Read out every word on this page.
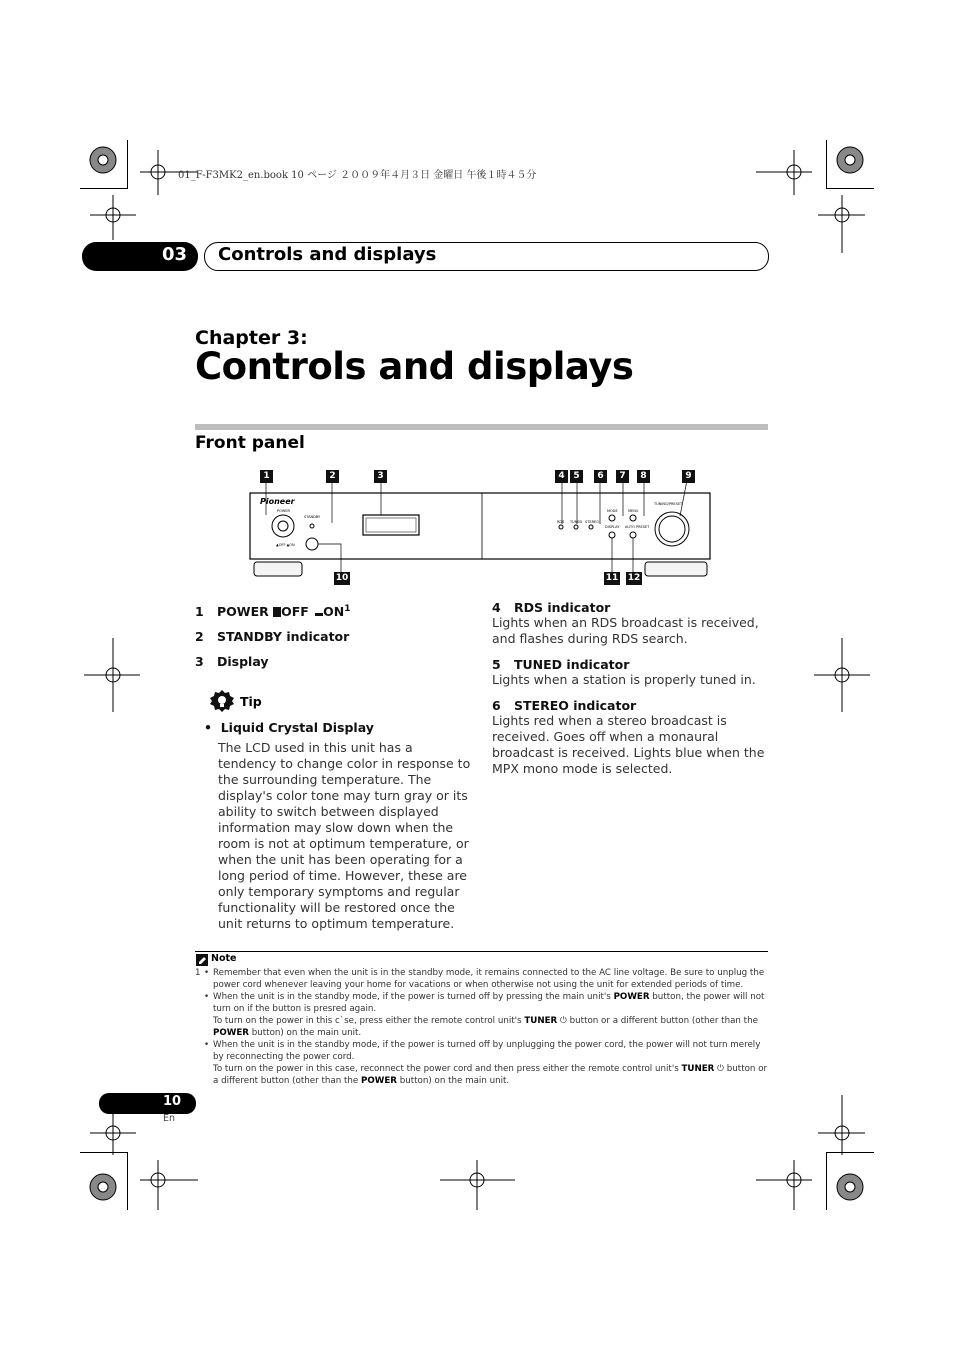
01_F-F3MK2_en.book 10 ページ ２００９年４月３日 金曜日 午後１時４５分
03 Controls and displays
Chapter 3:
Controls and displays
Front panel
Pioneer
POWER
STANDBY
▲OFF ▲ON
RDS TUNED STEREO
MODE	MENU
DISPLAY AUTO PRESET
TUNING/PRESET
1	2	3	4 5	6	7	8	9
10	11 12
1 POWER OFF $ON^1$
2 STANDBY indicator
3 Display
Tip
•  Liquid Crystal Display
The LCD used in this unit has a tendency to change color in response to the surrounding temperature. The display's color tone may turn gray or its ability to switch between displayed information may slow down when the room is not at optimum temperature, or when the unit has been operating for a long period of time. However, these are only temporary symptoms and regular functionality will be restored once the unit returns to optimum temperature.
4 RDS indicator
Lights when an RDS broadcast is received, and flashes during RDS search.
5 TUNED indicator
Lights when a station is properly tuned in.
6 STEREO indicator
Lights red when a stereo broadcast is received. Goes off when a monaural broadcast is received. Lights blue when the MPX mono mode is selected.
Note
1 • Remember that even when the unit is in the standby mode, it remains connected to the AC line voltage. Be sure to unplug the power cord whenever leaving your home for vacations or when otherwise not using the unit for extended periods of time.
• When the unit is in the standby mode, if the power is turned off by pressing the main unit's POWER button, the power will not turn on if the button is presred again.
To turn on the power in this c`se, press either the remote control unit's TUNER ⏻ button or a different button (other than the POWER button) on the main unit.
• When the unit is in the standby mode, if the power is turned off by unplugging the power cord, the power will not turn merely by reconnecting the power cord.
To turn on the power in this case, reconnect the power cord and then press either the remote control unit's TUNER ⏻ button or a different button (other than the POWER button) on the main unit.
10
En
